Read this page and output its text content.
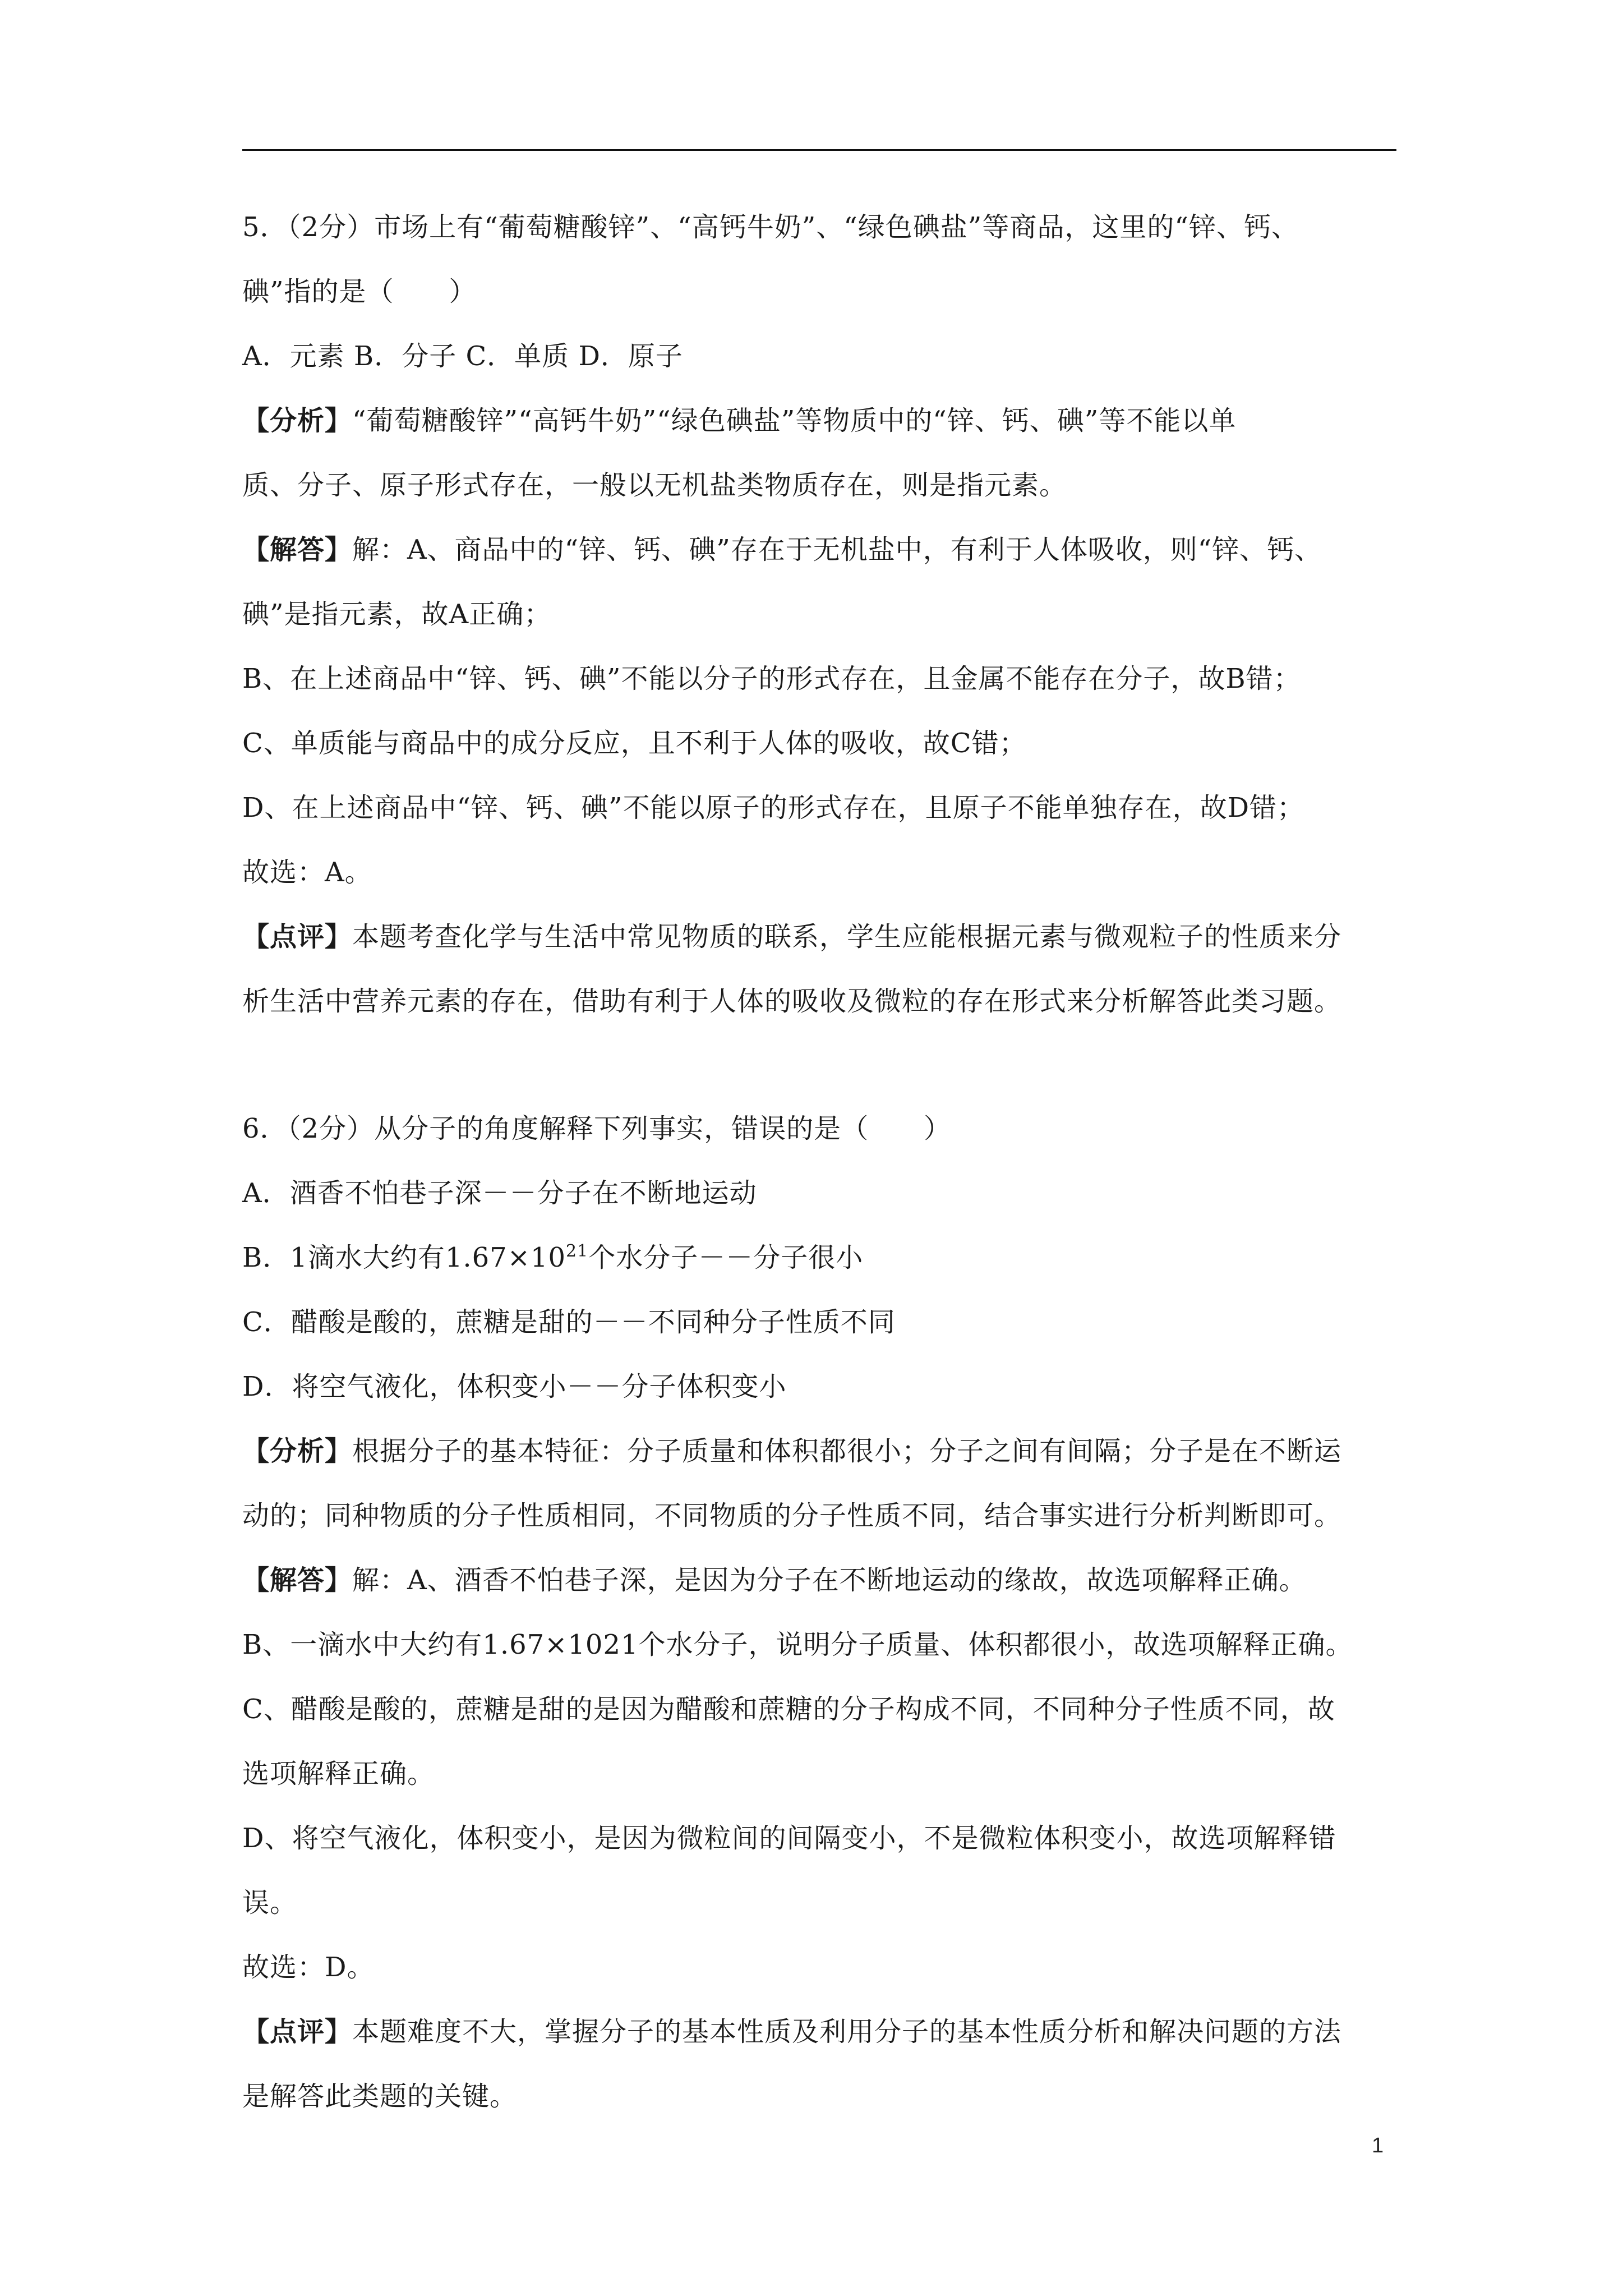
5．（2分）市场上有“葡萄糖酸锌”、“高钙牛奶”、“绿色碘盐”等商品，这里的“锌、钙、
碘”指的是（　　）
A．元素 B．分子 C．单质 D．原子
【分析】“葡萄糖酸锌”“高钙牛奶”“绿色碘盐”等物质中的“锌、钙、碘”等不能以单
质、分子、原子形式存在，一般以无机盐类物质存在，则是指元素。
【解答】解：A、商品中的“锌、钙、碘”存在于无机盐中，有利于人体吸收，则“锌、钙、
碘”是指元素，故A正确；
B、在上述商品中“锌、钙、碘”不能以分子的形式存在，且金属不能存在分子，故B错；
C、单质能与商品中的成分反应，且不利于人体的吸收，故C错；
D、在上述商品中“锌、钙、碘”不能以原子的形式存在，且原子不能单独存在，故D错；
故选：A。
【点评】本题考查化学与生活中常见物质的联系，学生应能根据元素与微观粒子的性质来分
析生活中营养元素的存在，借助有利于人体的吸收及微粒的存在形式来分析解答此类习题。
6．（2分）从分子的角度解释下列事实，错误的是（　　）
A．酒香不怕巷子深－－分子在不断地运动
B．1滴水大约有$1.67\times 10^{21}$个水分子－－分子很小
C．醋酸是酸的，蔗糖是甜的－－不同种分子性质不同
D．将空气液化，体积变小－－分子体积变小
【分析】根据分子的基本特征：分子质量和体积都很小；分子之间有间隔；分子是在不断运
动的；同种物质的分子性质相同，不同物质的分子性质不同，结合事实进行分析判断即可。
【解答】解：A、酒香不怕巷子深，是因为分子在不断地运动的缘故，故选项解释正确。
B、一滴水中大约有1.67×1021个水分子，说明分子质量、体积都很小，故选项解释正确。
C、醋酸是酸的，蔗糖是甜的是因为醋酸和蔗糖的分子构成不同，不同种分子性质不同，故
选项解释正确。
D、将空气液化，体积变小，是因为微粒间的间隔变小，不是微粒体积变小，故选项解释错
误。
故选：D。
【点评】本题难度不大，掌握分子的基本性质及利用分子的基本性质分析和解决问题的方法
是解答此类题的关键。
1
